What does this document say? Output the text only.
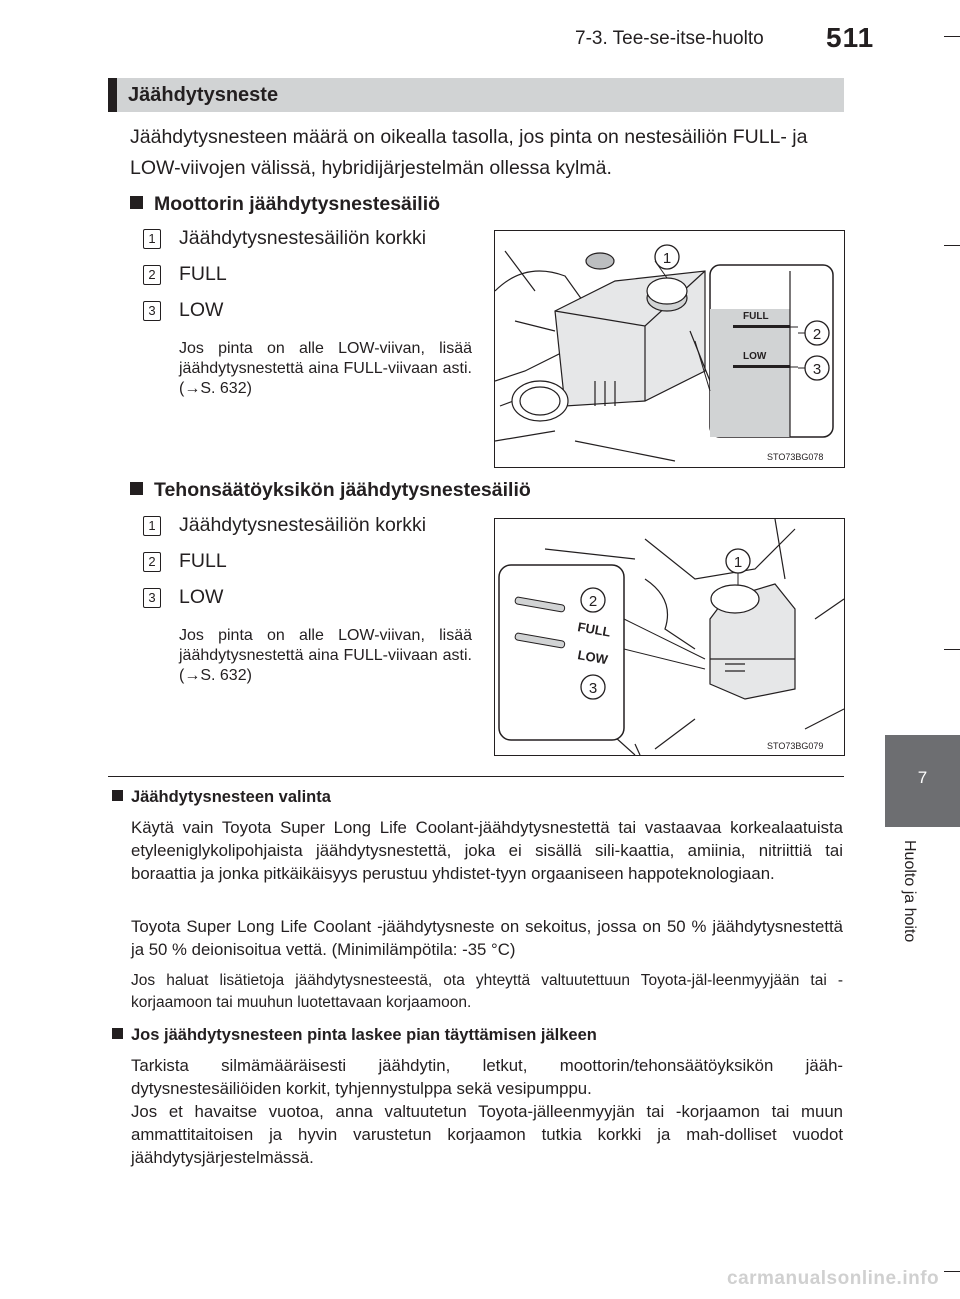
7-3. Tee-se-itse-huolto 511
7
Huolto ja hoito
Jäähdytysneste
Jäähdytysnesteen määrä on oikealla tasolla, jos pinta on nestesäiliön FULL- ja LOW-viivojen välissä, hybridijärjestelmän ollessa kylmä.
Moottorin jäähdytysnestesäiliö
1 Jäähdytysnestesäiliön korkki
2 FULL
3 LOW
Jos pinta on alle LOW-viivan, lisää jäähdytysnestettä aina FULL-viivaan asti. (→S. 632)
FULL
LOW
1
2
3
STO73BG078
Tehonsäätöyksikön jäähdytysnestesäiliö
1 Jäähdytysnestesäiliön korkki
2 FULL
3 LOW
Jos pinta on alle LOW-viivan, lisää jäähdytysnestettä aina FULL-viivaan asti. (→S. 632)
FULL
LOW
1
2
3
STO73BG079
Jäähdytysnesteen valinta
Käytä vain Toyota Super Long Life Coolant-jäähdytysnestettä tai vastaavaa korkealaatuista etyleeniglykolipohjaista jäähdytysnestettä, joka ei sisällä sili-kaattia, amiinia, nitriittiä tai boraattia ja jonka pitkäikäisyys perustuu yhdistet-tyyn orgaaniseen happoteknologiaan.
Toyota Super Long Life Coolant -jäähdytysneste on sekoitus, jossa on 50 % jäähdytysnestettä ja 50 % deionisoitua vettä. (Minimilämpötila: -35 °C)
Jos haluat lisätietoja jäähdytysnesteestä, ota yhteyttä valtuutettuun Toyota-jäl-leenmyyjään tai -korjaamoon tai muuhun luotettavaan korjaamoon.
Jos jäähdytysnesteen pinta laskee pian täyttämisen jälkeen
Tarkista silmämääräisesti jäähdytin, letkut, moottorin/tehonsäätöyksikön jääh-dytysnestesäiliöiden korkit, tyhjennystulppa sekä vesipumppu.
Jos et havaitse vuotoa, anna valtuutetun Toyota-jälleenmyyjän tai -korjaamon tai muun ammattitaitoisen ja hyvin varustetun korjaamon tutkia korkki ja mah-dolliset vuodot jäähdytysjärjestelmässä.
carmanualsonline.info
